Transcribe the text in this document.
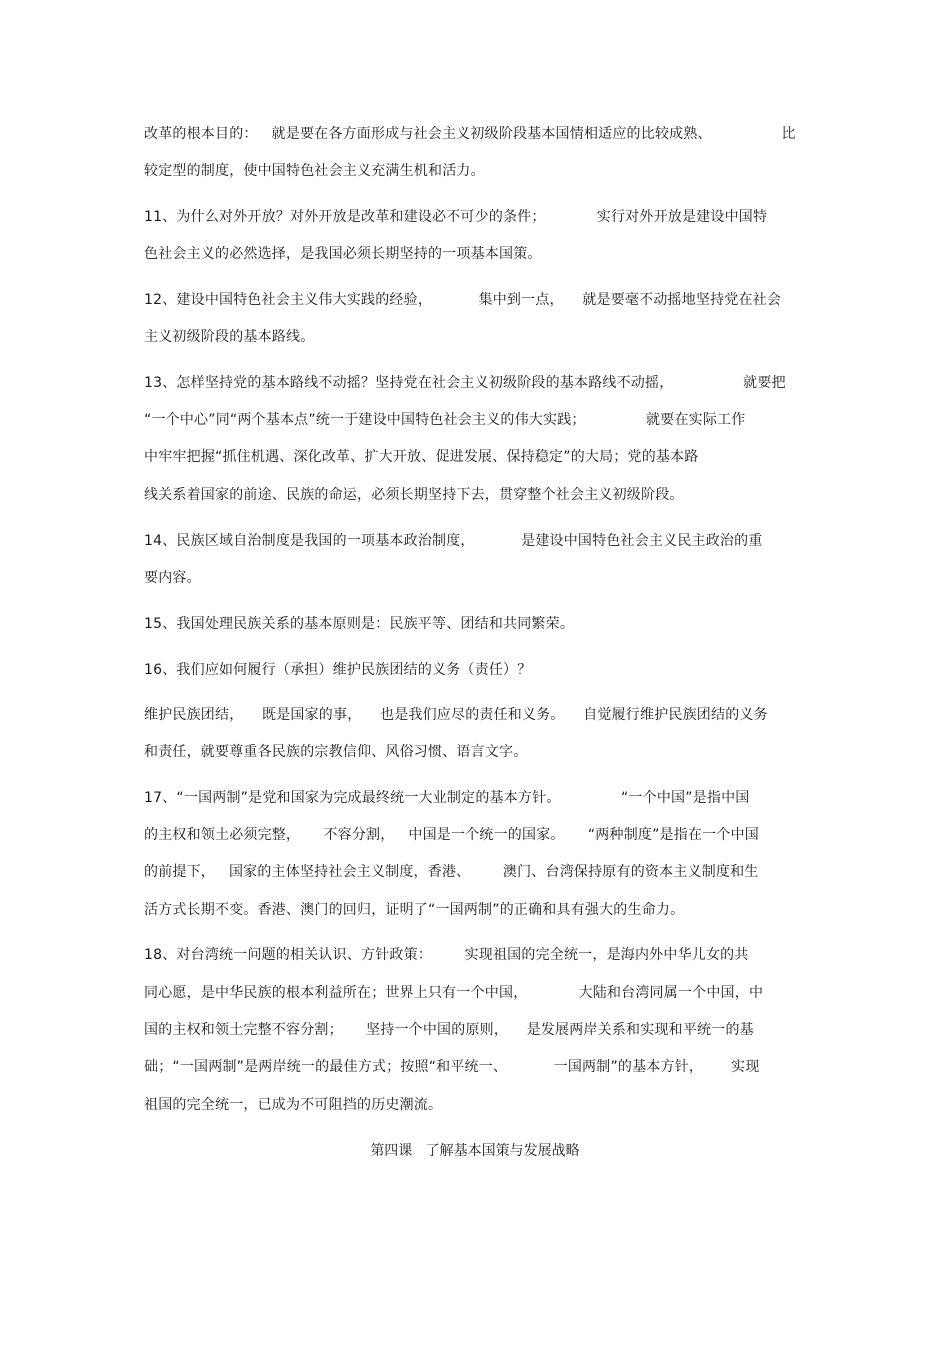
改革的根本目的：   就是要在各方面形成与社会主义初级阶段基本国情相适应的比较成熟、               比
较定型的制度，使中国特色社会主义充满生机和活力。
11、为什么对外开放？对外开放是改革和建设必不可少的条件；           实行对外开放是建设中国特
色社会主义的必然选择，是我国必须长期坚持的一项基本国策。
12、建设中国特色社会主义伟大实践的经验，          集中到一点，    就是要毫不动摇地坚持党在社会
主义初级阶段的基本路线。
13、怎样坚持党的基本路线不动摇？坚持党在社会主义初级阶段的基本路线不动摇，               就要把
“一个中心”同“两个基本点”统一于建设中国特色社会主义的伟大实践；             就要在实际工作
中牢牢把握“抓住机遇、深化改革、扩大开放、促进发展、保持稳定”的大局；党的基本路
线关系着国家的前途、民族的命运，必须长期坚持下去，贯穿整个社会主义初级阶段。
14、民族区域自治制度是我国的一项基本政治制度，          是建设中国特色社会主义民主政治的重
要内容。
15、我国处理民族关系的基本原则是：民族平等、团结和共同繁荣。
16、我们应如何履行（承担）维护民族团结的义务（责任）？
维护民族团结，    既是国家的事，    也是我们应尽的责任和义务。    自觉履行维护民族团结的义务
和责任，就要尊重各民族的宗教信仰、风俗习惯、语言文字。
17、“一国两制”是党和国家为完成最终统一大业制定的基本方针。             “一个中国”是指中国
的主权和领土必须完整，     不容分割，   中国是一个统一的国家。     “两种制度”是指在一个中国
的前提下，   国家的主体坚持社会主义制度，香港、       澳门、台湾保持原有的资本主义制度和生
活方式长期不变。香港、澳门的回归，证明了“一国两制”的正确和具有强大的生命力。
18、对台湾统一问题的相关认识、方针政策：       实现祖国的完全统一，是海内外中华儿女的共
同心愿，是中华民族的根本利益所在；世界上只有一个中国，           大陆和台湾同属一个中国，中
国的主权和领土完整不容分割；     坚持一个中国的原则，    是发展两岸关系和实现和平统一的基
础；“一国两制”是两岸统一的最佳方式；按照“和平统一、          一国两制”的基本方针，      实现
祖国的完全统一，已成为不可阻挡的历史潮流。
第四课   了解基本国策与发展战略
